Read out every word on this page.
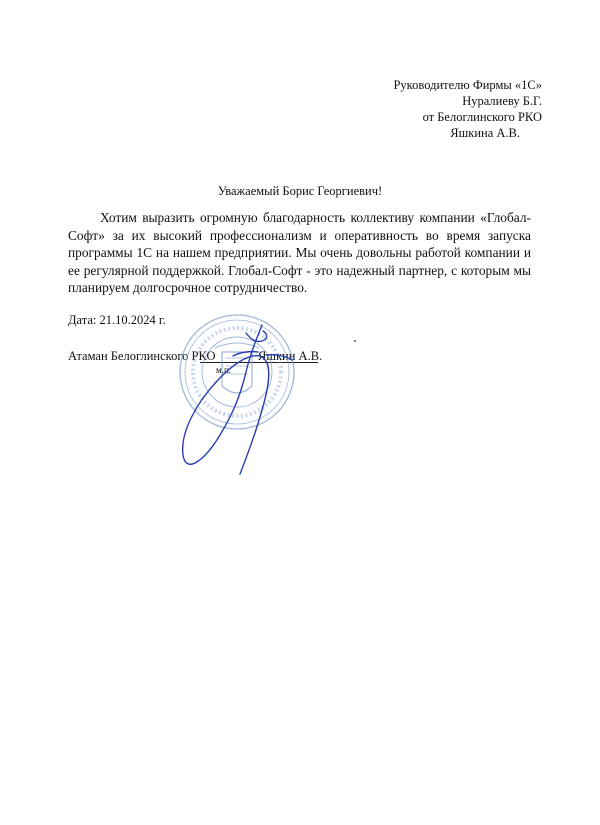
Руководителю Фирмы «1С»
Нуралиеву Б.Г.
от Белоглинского РКО
Яшкина А.В.
Уважаемый Борис Георгиевич!
Хотим выразить огромную благодарность коллективу компании «Глобал-Софт» за их высокий профессионализм и оперативность во время запуска программы 1С на нашем предприятии. Мы очень довольны работой компании и ее регулярной поддержкой. Глобал-Софт - это надежный партнер, с которым мы планируем долгосрочное сотрудничество.
Дата: 21.10.2024 г.
Атаман Белоглинского РКО	Яшкин А.В.
м.п.
